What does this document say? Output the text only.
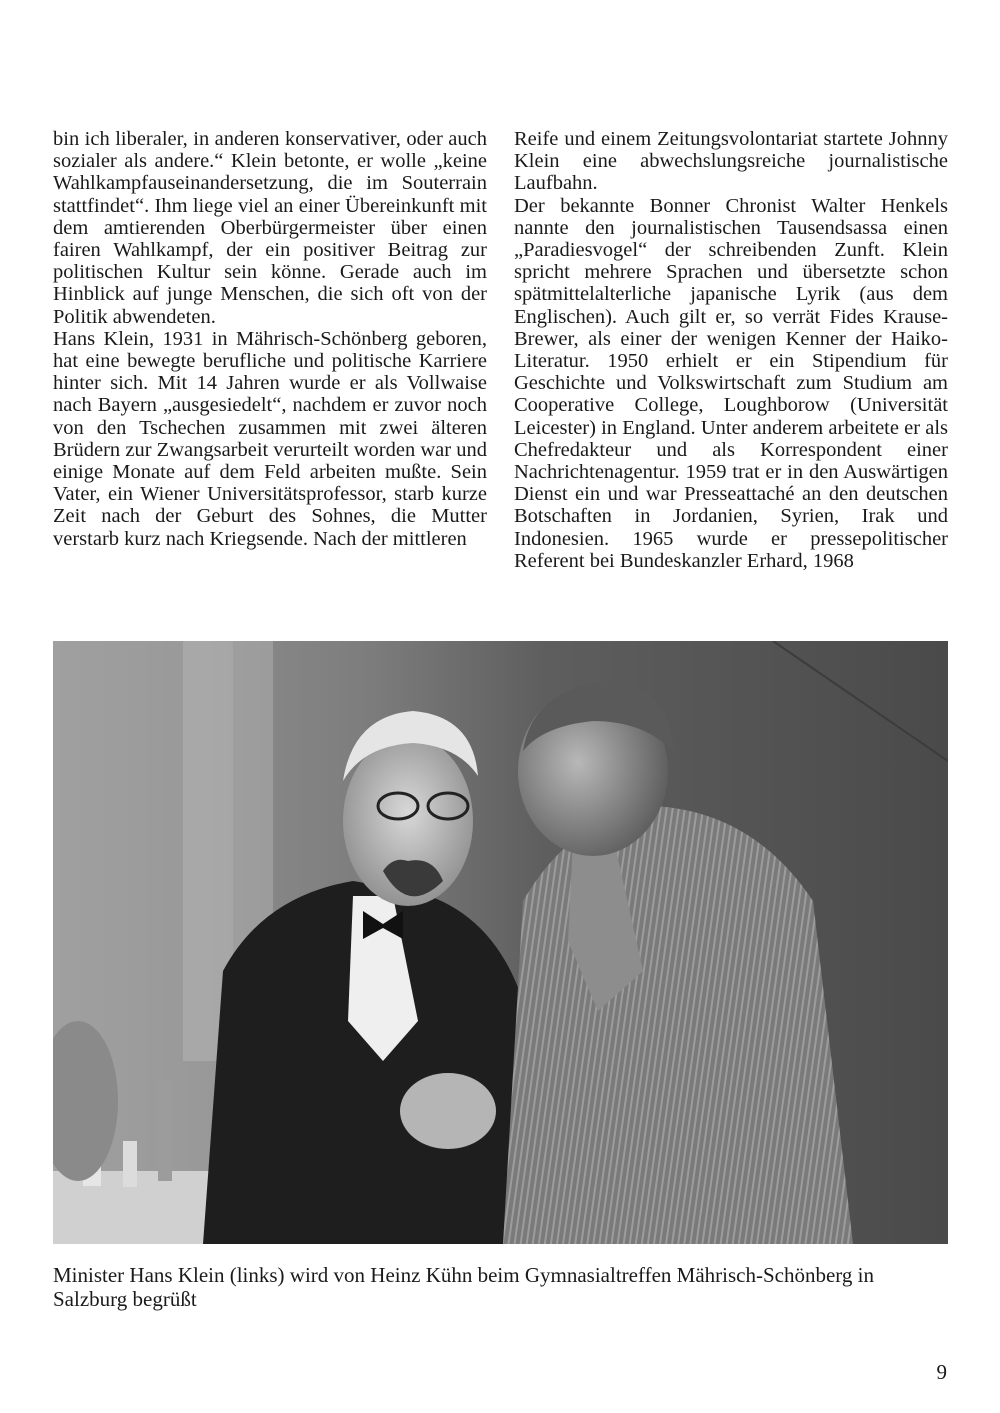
bin ich liberaler, in anderen konservativer, oder auch sozialer als andere.“ Klein betonte, er wolle „keine Wahlkampfauseinandersetzung, die im Souterrain stattfindet“. Ihm liege viel an einer Übereinkunft mit dem amtierenden Oberbürgermeister über einen fairen Wahlkampf, der ein positiver Beitrag zur politischen Kultur sein könne. Gerade auch im Hinblick auf junge Menschen, die sich oft von der Politik abwendeten.

Hans Klein, 1931 in Mährisch-Schönberg geboren, hat eine bewegte berufliche und politische Karriere hinter sich. Mit 14 Jahren wurde er als Vollwaise nach Bayern „ausgesiedelt“, nachdem er zuvor noch von den Tschechen zusammen mit zwei älteren Brüdern zur Zwangsarbeit verurteilt worden war und einige Monate auf dem Feld arbeiten mußte. Sein Vater, ein Wiener Universitätsprofessor, starb kurze Zeit nach der Geburt des Sohnes, die Mutter verstarb kurz nach Kriegsende. Nach der mittleren

Reife und einem Zeitungsvolontariat startete Johnny Klein eine abwechslungsreiche journalistische Laufbahn.

Der bekannte Bonner Chronist Walter Henkels nannte den journalistischen Tausendsassa einen „Paradiesvogel“ der schreibenden Zunft. Klein spricht mehrere Sprachen und übersetzte schon spätmittelalterliche japanische Lyrik (aus dem Englischen). Auch gilt er, so verrät Fides Krause-Brewer, als einer der wenigen Kenner der Haiko-Literatur. 1950 erhielt er ein Stipendium für Geschichte und Volkswirtschaft zum Studium am Cooperative College, Loughborow (Universität Leicester) in England. Unter anderem arbeitete er als Chefredakteur und als Korrespondent einer Nachrichtenagentur. 1959 trat er in den Auswärtigen Dienst ein und war Presseattaché an den deutschen Botschaften in Jordanien, Syrien, Irak und Indonesien. 1965 wurde er pressepolitischer Referent bei Bundeskanzler Erhard, 1968

Minister Hans Klein (links) wird von Heinz Kühn beim Gymnasialtreffen Mährisch-Schönberg in Salzburg begrüßt

9
